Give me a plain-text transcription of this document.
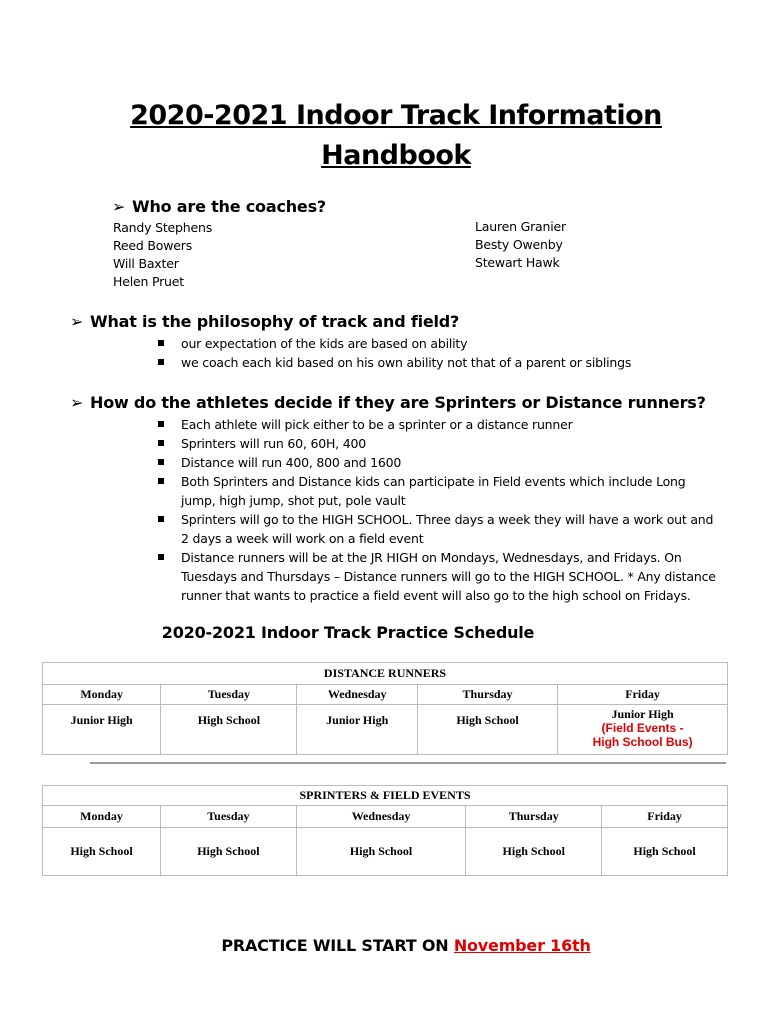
2020-2021 Indoor Track Information
Handbook
➢ Who are the coaches?
Randy Stephens
Reed Bowers
Will Baxter
Helen Pruet
Lauren Granier
Besty Owenby
Stewart Hawk
➢ What is the philosophy of track and field?
our expectation of the kids are based on ability
we coach each kid based on his own ability not that of a parent or siblings
➢ How do the athletes decide if they are Sprinters or Distance runners?
Each athlete will pick either to be a sprinter or a distance runner
Sprinters will run 60, 60H, 400
Distance will run 400, 800 and 1600
Both Sprinters and Distance kids can participate in Field events which include Long jump, high jump, shot put, pole vault
Sprinters will go to the HIGH SCHOOL. Three days a week they will have a work out and 2 days a week will work on a field event
Distance runners will be at the JR HIGH on Mondays, Wednesdays, and Fridays. On Tuesdays and Thursdays – Distance runners will go to the HIGH SCHOOL. * Any distance runner that wants to practice a field event will also go to the high school on Fridays.
2020-2021 Indoor Track Practice Schedule
DISTANCE RUNNERS				
Monday	Tuesday	Wednesday	Thursday	Friday
Junior High	High School	Junior High	High School	Junior High
(Field Events -
High School Bus)
SPRINTERS & FIELD EVENTS				
Monday	Tuesday	Wednesday	Thursday	Friday
High School	High School	High School	High School	High School
PRACTICE WILL START ON November 16th
